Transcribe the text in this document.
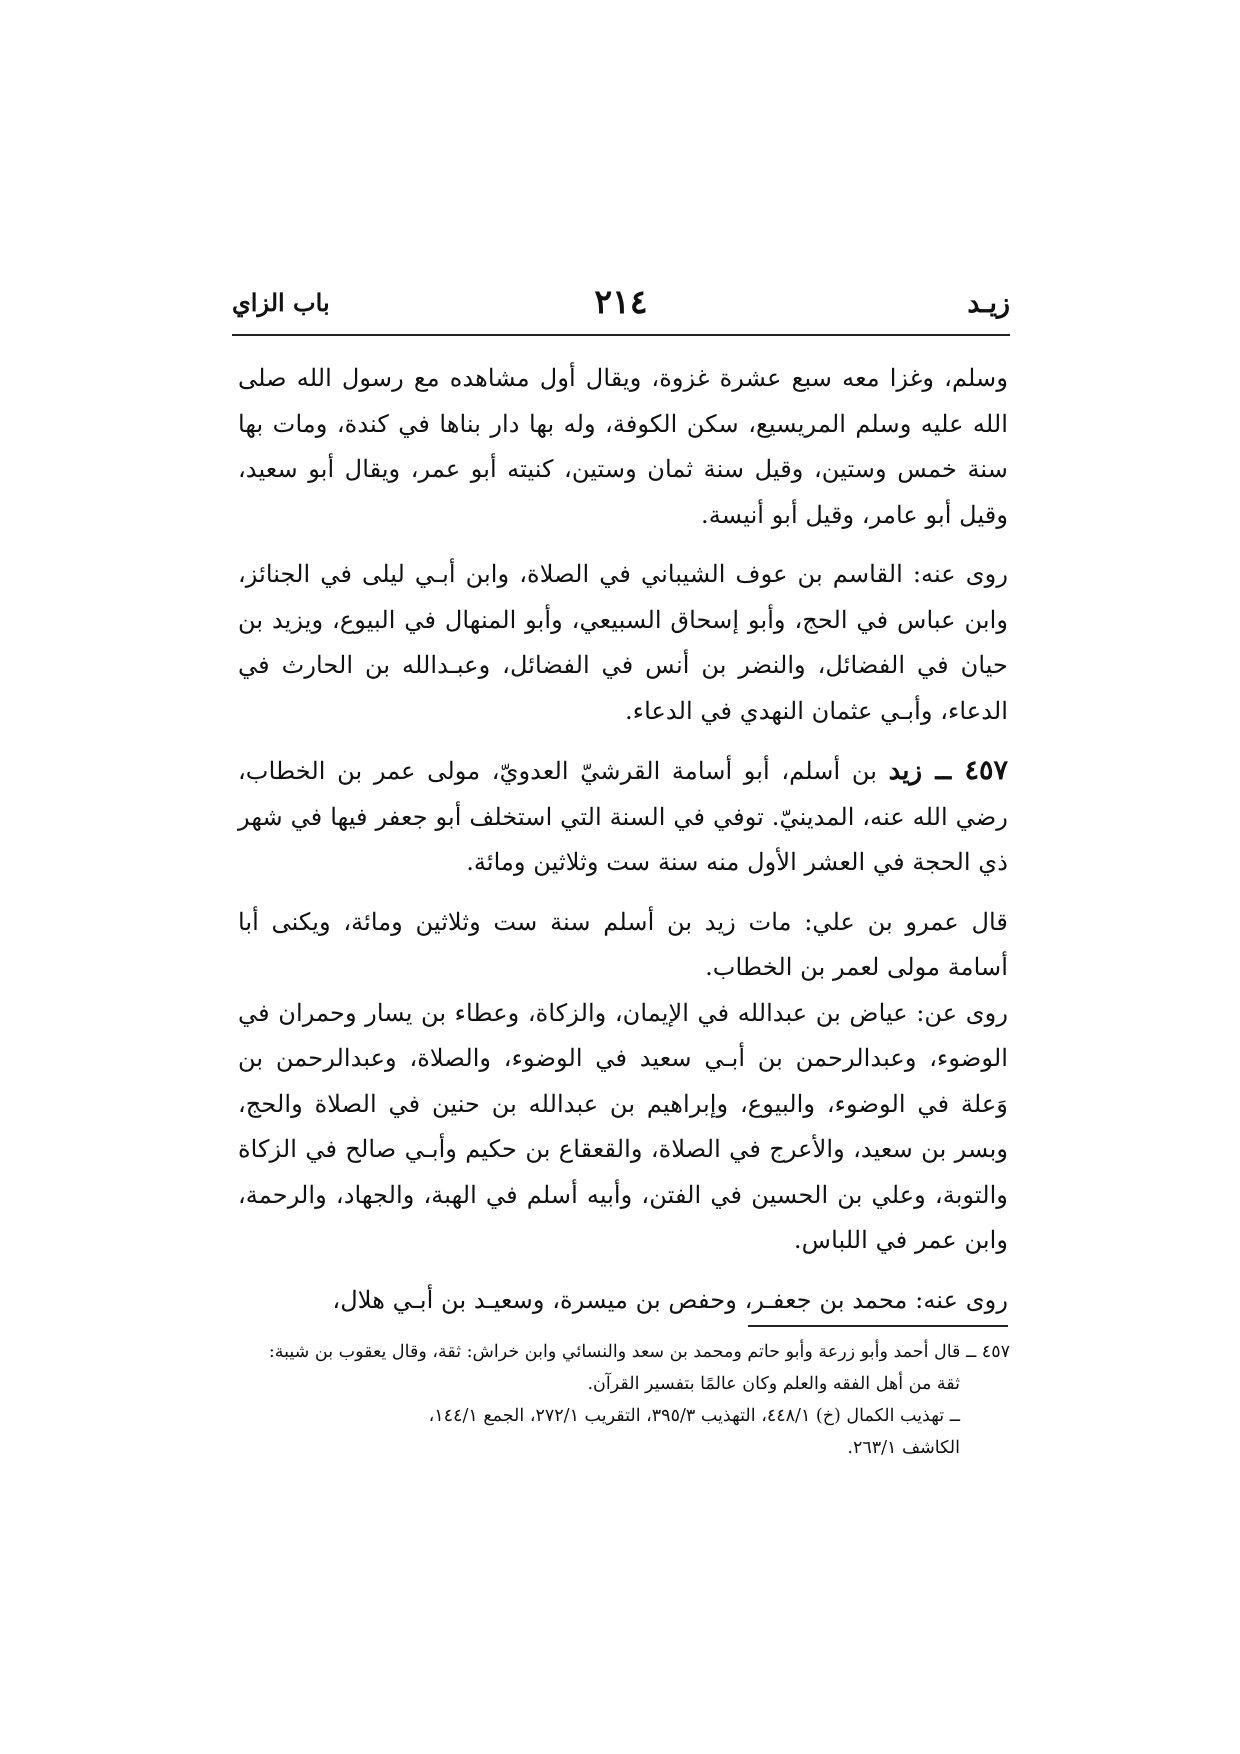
زيـد
٢١٤
باب الزاي

وسلم، وغزا معه سبع عشرة غزوة، ويقال أول مشاهده مع رسول الله صلى الله عليه وسلم المريسيع، سكن الكوفة، وله بها دار بناها في كندة، ومات بها سنة خمس وستين، وقيل سنة ثمان وستين، كنيته أبو عمر، ويقال أبو سعيد، وقيل أبو عامر، وقيل أبو أنيسة.

روى عنه: القاسم بن عوف الشيباني في الصلاة، وابن أبـي ليلى في الجنائز، وابن عباس في الحج، وأبو إسحاق السبيعي، وأبو المنهال في البيوع، ويزيد بن حيان في الفضائل، والنضر بن أنس في الفضائل، وعبـدالله بن الحارث في الدعاء، وأبـي عثمان النهدي في الدعاء.

٤٥٧ ــ زيد بن أسلم، أبو أسامة القرشيّ العدويّ، مولى عمر بن الخطاب، رضي الله عنه، المدينيّ. توفي في السنة التي استخلف أبو جعفر فيها في شهر ذي الحجة في العشر الأول منه سنة ست وثلاثين ومائة.

قال عمرو بن علي: مات زيد بن أسلم سنة ست وثلاثين ومائة، ويكنى أبا أسامة مولى لعمر بن الخطاب.

روى عن: عياض بن عبدالله في الإيمان، والزكاة، وعطاء بن يسار وحمران في الوضوء، وعبدالرحمن بن أبـي سعيد في الوضوء، والصلاة، وعبدالرحمن بن وَعلة في الوضوء، والبيوع، وإبراهيم بن عبدالله بن حنين في الصلاة والحج، وبسر بن سعيد، والأعرج في الصلاة، والقعقاع بن حكيم وأبـي صالح في الزكاة والتوبة، وعلي بن الحسين في الفتن، وأبيه أسلم في الهبة، والجهاد، والرحمة، وابن عمر في اللباس.

روى عنه: محمد بن جعفـر، وحفص بن ميسرة، وسعيـد بن أبـي هلال،

٤٥٧ ــ قال أحمد وأبو زرعة وأبو حاتم ومحمد بن سعد والنسائي وابن خراش: ثقة، وقال يعقوب بن شيبة:

ثقة من أهل الفقه والعلم وكان عالمًا بتفسير القرآن.

ــ تهذيب الكمال (خ) ٤٤٨/١، التهذيب ٣٩٥/٣، التقريب ٢٧٢/١، الجمع ١٤٤/١،

الكاشف ٢٦٣/١.
